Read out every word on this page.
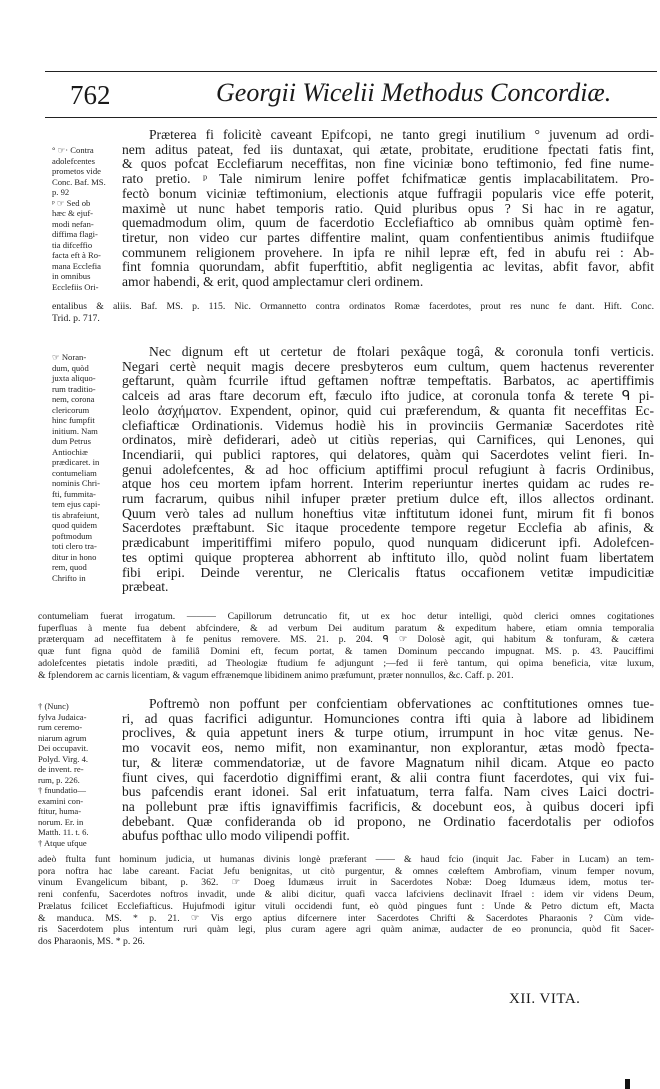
762	Georgii Wicelii Methodus Concordiæ.
° ☞· Contra
adolefcentes
prometos vide
Conc. Baf. MS.
p. 92
ᵖ ☞ Sed ob
hæc & ejuf-
modi nefan-
diffima flagi-
tia difceffio
facta eft à Ro-
mana Ecclefia
in omnibus
Ecclefiis Ori-
Præterea fi folicitè caveant Epifcopi, ne tanto gregi inutilium ° juvenum ad ordi-
nem aditus pateat, fed iis duntaxat, qui ætate, probitate, eruditione fpectati fatis fint,
& quos pofcat Ecclefiarum neceffitas, non fine viciniæ bono teftimonio, fed fine nume-
rato pretio. ᵖ Tale nimirum lenire poffet fchifmaticæ gentis implacabilitatem. Pro-
fectò bonum viciniæ teftimonium, electionis atque fuffragii popularis vice effe poterit,
maximè ut nunc habet temporis ratio. Quid pluribus opus ? Si hac in re agatur,
quemadmodum olim, quum de facerdotio Ecclefiaftico ab omnibus quàm optimè fen-
tiretur, non video cur partes diffentire malint, quam confentientibus animis ftudiifque
communem religionem provehere. In ipfa re nihil lepræ eft, fed in abufu rei : Ab-
fint fomnia quorundam, abfit fuperftitio, abfit negligentia ac levitas, abfit favor, abfit
amor habendi, & erit, quod amplectamur cleri ordinem.
entalibus & aliis. Baf. MS. p. 115. Nic. Ormannetto contra ordinatos Romæ facerdotes, prout res nunc fe dant. Hift. Conc.
Trid. p. 717.
☞ Noran-
dum, quòd
juxta aliquo-
rum traditio-
nem, corona
clericorum
hinc fumpfit
initium. Nam
dum Petrus
Antiochiæ
prædicaret. in
contumeliam
nominis Chri-
fti, fummita-
tem ejus capi-
tis abrafeiunt,
quod quidem
poftmodum
toti clero tra-
ditur in hono
rem, quod
Chrifto in
Nec dignum eft ut certetur de ftolari pexâque togâ, & coronula tonfi verticis.
Negari certè nequit magis decere presbyteros eum cultum, quem hactenus reverenter
geftarunt, quàm fcurrile iftud geftamen noftræ tempeftatis. Barbatos, ac apertiffimis
calceis ad aras ftare decorum eft, fæculo ifto judice, at coronula tonfa & terete ᑫ pi-
leolo ἀσχήματον. Expendent, opinor, quid cui præferendum, & quanta fit neceffitas Ec-
clefiafticæ Ordinationis. Videmus hodiè his in provinciis Germaniæ Sacerdotes ritè
ordinatos, mirè defiderari, adeò ut citiùs reperias, qui Carnifices, qui Lenones, qui
Incendiarii, qui publici raptores, qui delatores, quàm qui Sacerdotes velint fieri. In-
genui adolefcentes, & ad hoc officium aptiffimi procul refugiunt à facris Ordinibus,
atque hos ceu mortem ipfam horrent. Interim reperiuntur inertes quidam ac rudes re-
rum facrarum, quibus nihil infuper præter pretium dulce eft, illos allectos ordinant.
Quum verò tales ad nullum honeftius vitæ inftitutum idonei funt, mirum fit fi bonos
Sacerdotes præftabunt. Sic itaque procedente tempore regetur Ecclefia ab afinis, &
prædicabunt imperitiffimi mifero populo, quod nunquam didicerunt ipfi. Adolefcen-
tes optimi quique propterea abhorrent ab inftituto illo, quòd nolint fuam libertatem
fibi eripi. Deinde verentur, ne Clericalis ftatus occafionem vetitæ impudicitiæ
præbeat.
contumeliam fuerat irrogatum. ——— Capillorum detruncatio fit, ut ex hoc detur intelligi, quòd clerici omnes cogitationes
fuperfluas à mente fua debent abfcindere, & ad verbum Dei auditum paratum & expeditum habere, etiam omnia temporalia
præterquam ad neceffitatem à fe penitus removere. MS. 21. p. 204. ᑫ ☞ Dolosè agit, qui habitum & tonfuram, & cætera
quæ funt figna quòd de familiâ Domini eft, fecum portat, & tamen Dominum peccando impugnat. MS. p. 43. Pauciffimi
adolefcentes pietatis indole prædìti, ad Theologiæ ftudium fe adjungunt ;—fed ii ferè tantum, qui opima beneficia, vitæ luxum,
& fplendorem ac carnis licentiam, & vagum effrænemque libidinem animo præfumunt, præter nonnullos, &c. Caff. p. 201.
† (Nunc)
fylva Judaica-
rum ceremo-
niarum agrum
Dei occupavit.
Polyd. Virg. 4.
de invent. re-
rum, p. 226.
† fnundatio—
examini con-
ftitur, huma-
norum. Er. in
Matth. 11. t. 6.
† Atque ufque
Poftremò non poffunt per confcientiam obfervationes ac conftitutiones omnes tue-
ri, ad quas facrifici adiguntur. Homunciones contra ifti quia à labore ad libidinem
proclives, & quia appetunt iners & turpe otium, irrumpunt in hoc vitæ genus. Ne-
mo vocavit eos, nemo mifit, non examinantur, non explorantur, ætas modò fpecta-
tur, & literæ commendatoriæ, ut de favore Magnatum nihil dicam. Atque eo pacto
fiunt cives, qui facerdotio digniffimi erant, & alii contra fiunt facerdotes, qui vix fui-
bus pafcendis erant idonei. Sal erit infatuatum, terra falfa. Nam cives Laici doctri-
na pollebunt præ iftis ignaviffimis facrificis, & docebunt eos, à quibus doceri ipfi
debebant. Quæ confideranda ob id propono, ne Ordinatio facerdotalis per odiofos
abufus pofthac ullo modo vilipendi poffit.
adeò ftulta funt hominum judicia, ut humanas divinis longè præferant —— & haud fcio (inquit Jac. Faber in Lucam) an tem-
pora noftra hac labe careant. Faciat Jefu benignitas, ut citò purgentur, & omnes cœleftem Ambrofiam, vinum femper novum,
vinum Evangelicum bibant, p. 362. ☞ Doeg Idumæus irruit in Sacerdotes Nobæ: Doeg Idumæus idem, motus ter-
reni confenfu, Sacerdotes noftros invadit, unde & alibi dicitur, quafi vacca lafciviens declinavit Ifrael : idem vir videns Deum,
Prælatus fcilicet Ecclefiafticus. Hujufmodi igitur vituli occidendi funt, eò quòd pingues funt : Unde & Petro dictum eft, Macta
& manduca. MS. * p. 21. ☞ Vis ergo aptius difcernere inter Sacerdotes Chrifti & Sacerdotes Pharaonis ? Cùm vide-
ris Sacerdotem plus intentum ruri quàm legi, plus curam agere agri quàm animæ, audacter de eo pronuncia, quòd fit Sacer-
dos Pharaonis, MS. * p. 26.
XII. VITA.
